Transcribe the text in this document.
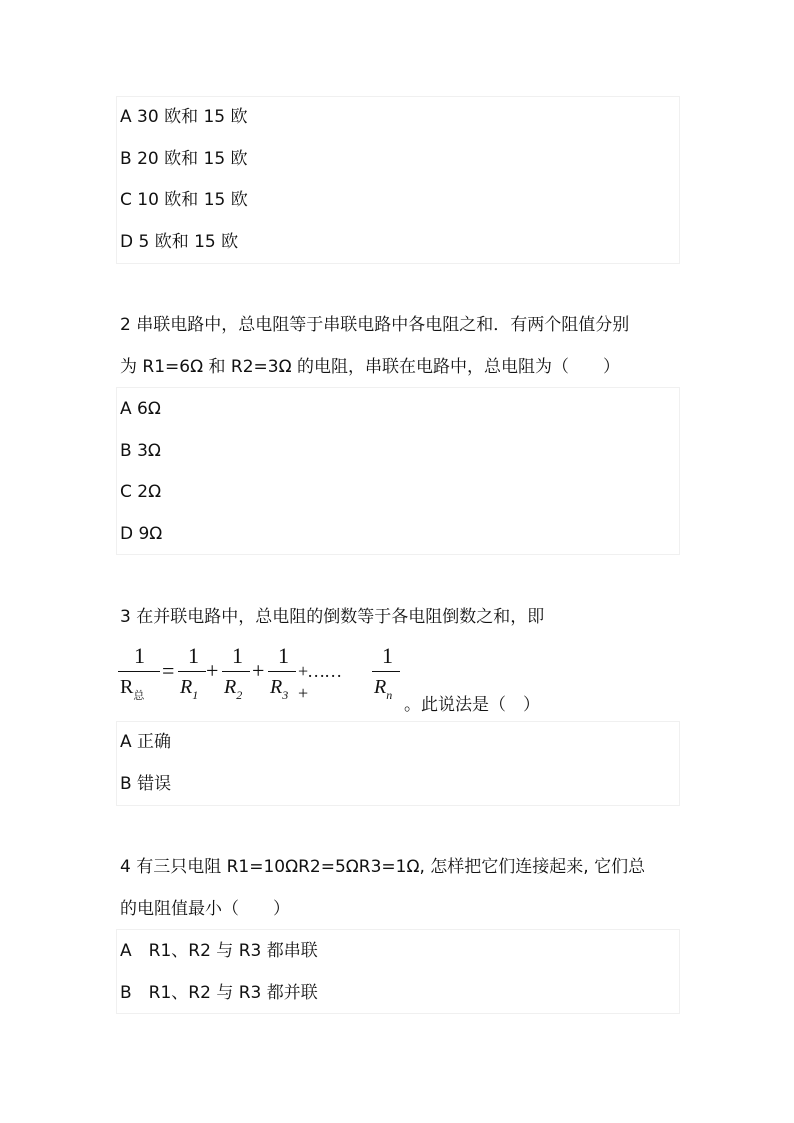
A 30 欧和 15 欧
B 20 欧和 15 欧
C 10 欧和 15 欧
D 5 欧和 15 欧
2 串联电路中，总电阻等于串联电路中各电阻之和．有两个阻值分别
为 R1=6Ω 和 R2=3Ω 的电阻，串联在电路中，总电阻为（　　）
A 6Ω
B 3Ω
C 2Ω
D 9Ω
3 在并联电路中，总电阻的倒数等于各电阻倒数之和，即
1
$R_总$
=
1
$R_1$
+
1
$R_2$
+
1
$R_3$
+……+
1
$R_n$ 。此说法是（　）
A 正确
B 错误
4 有三只电阻 R1=10ΩR2=5ΩR3=1Ω, 怎样把它们连接起来, 它们总
的电阻值最小（　　）
A　R1、R2 与 R3 都串联
B　R1、R2 与 R3 都并联
